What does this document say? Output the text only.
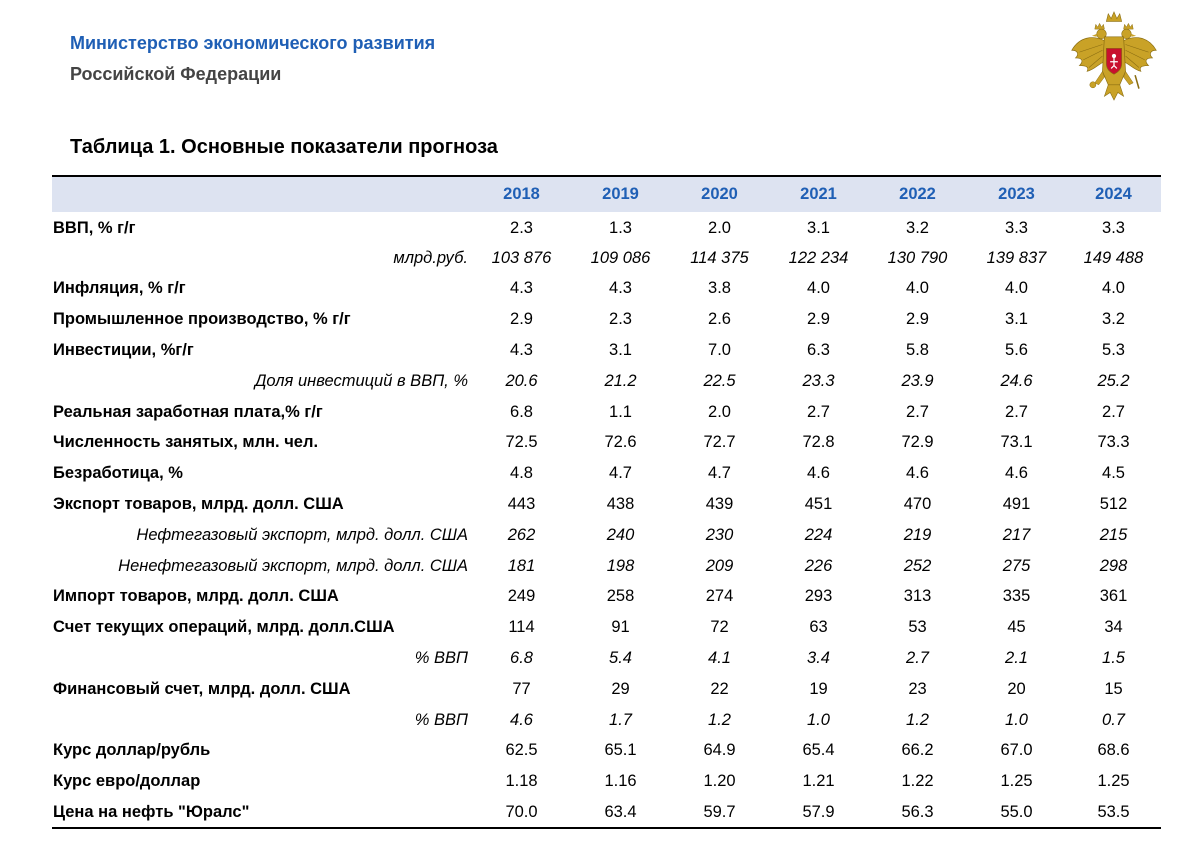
Министерство экономического развития
Российской Федерации
Таблица 1. Основные показатели прогноза
	2018	2019	2020	2021	2022	2023	2024
ВВП, % г/г	2.3	1.3	2.0	3.1	3.2	3.3	3.3
млрд.руб.	103 876	109 086	114 375	122 234	130 790	139 837	149 488
Инфляция, % г/г	4.3	4.3	3.8	4.0	4.0	4.0	4.0
Промышленное производство, % г/г	2.9	2.3	2.6	2.9	2.9	3.1	3.2
Инвестиции, %г/г	4.3	3.1	7.0	6.3	5.8	5.6	5.3
Доля инвестиций в ВВП, %	20.6	21.2	22.5	23.3	23.9	24.6	25.2
Реальная заработная плата,% г/г	6.8	1.1	2.0	2.7	2.7	2.7	2.7
Численность занятых, млн. чел.	72.5	72.6	72.7	72.8	72.9	73.1	73.3
Безработица, %	4.8	4.7	4.7	4.6	4.6	4.6	4.5
Экспорт товаров, млрд. долл. США	443	438	439	451	470	491	512
Нефтегазовый экспорт, млрд. долл. США	262	240	230	224	219	217	215
Ненефтегазовый экспорт, млрд. долл. США	181	198	209	226	252	275	298
Импорт товаров, млрд. долл. США	249	258	274	293	313	335	361
Счет текущих операций, млрд. долл.США	114	91	72	63	53	45	34
% ВВП	6.8	5.4	4.1	3.4	2.7	2.1	1.5
Финансовый счет, млрд. долл. США	77	29	22	19	23	20	15
% ВВП	4.6	1.7	1.2	1.0	1.2	1.0	0.7
Курс доллар/рубль	62.5	65.1	64.9	65.4	66.2	67.0	68.6
Курс евро/доллар	1.18	1.16	1.20	1.21	1.22	1.25	1.25
Цена на нефть "Юралс"	70.0	63.4	59.7	57.9	56.3	55.0	53.5
